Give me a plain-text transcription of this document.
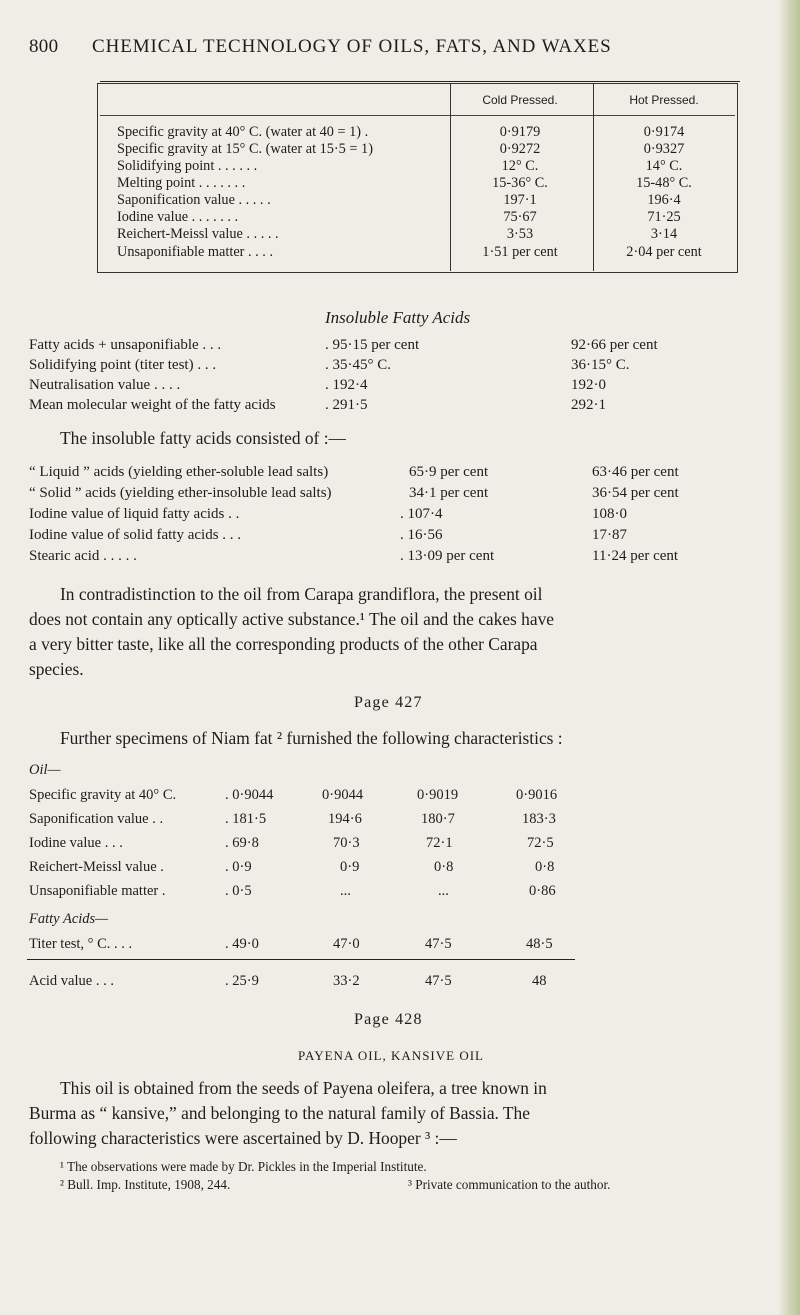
800 CHEMICAL TECHNOLOGY OF OILS, FATS, AND WAXES
Cold Pressed.	Hot Pressed.
Specific gravity at 40° C. (water at 40 = 1) .	0·9179	0·9174
Specific gravity at 15° C. (water at 15·5 = 1)	0·9272	0·9327
Solidifying point . . . . . .	12° C.	14° C.
Melting point . . . . . . .	15-36° C.	15-48° C.
Saponification value . . . . .	197·1	196·4
Iodine value . . . . . . .	75·67	71·25
Reichert-Meissl value . . . . .	3·53	3·14
Unsaponifiable matter . . . .	1·51 per cent	2·04 per cent
Insoluble Fatty Acids
Fatty acids + unsaponifiable . . .	. 95·15 per cent	92·66 per cent
Solidifying point (titer test) . . .	. 35·45° C.	36·15° C.
Neutralisation value . . . .	. 192·4	192·0
Mean molecular weight of the fatty acids	. 291·5	292·1
The insoluble fatty acids consisted of :—
“ Liquid ” acids (yielding ether-soluble lead salts)	65·9 per cent	63·46 per cent
“ Solid ” acids (yielding ether-insoluble lead salts)	34·1 per cent	36·54 per cent
Iodine value of liquid fatty acids . .	. 107·4	108·0
Iodine value of solid fatty acids . . .	. 16·56	17·87
Stearic acid . . . . .	. 13·09 per cent	11·24 per cent
In contradistinction to the oil from Carapa grandiflora, the present oil
does not contain any optically active substance.¹ The oil and the cakes have
a very bitter taste, like all the corresponding products of the other Carapa
species.
Page 427
Further specimens of Niam fat ² furnished the following characteristics :
Oil—
Specific gravity at 40° C.	. 0·9044	0·9044	0·9019	0·9016
Saponification value . .	. 181·5	194·6	180·7	183·3
Iodine value . . .	. 69·8	70·3	72·1	72·5
Reichert-Meissl value .	. 0·9	0·9	0·8	0·8
Unsaponifiable matter .	. 0·5	...	...	0·86
Fatty Acids—
Titer test, ° C. . . .	. 49·0	47·0	47·5	48·5
Acid value . . .	. 25·9	33·2	47·5	48
Page 428
PAYENA OIL, KANSIVE OIL
This oil is obtained from the seeds of Payena oleifera, a tree known in
Burma as “ kansive,” and belonging to the natural family of Bassia. The
following characteristics were ascertained by D. Hooper ³ :—
¹ The observations were made by Dr. Pickles in the Imperial Institute.
² Bull. Imp. Institute, 1908, 244.	³ Private communication to the author.
